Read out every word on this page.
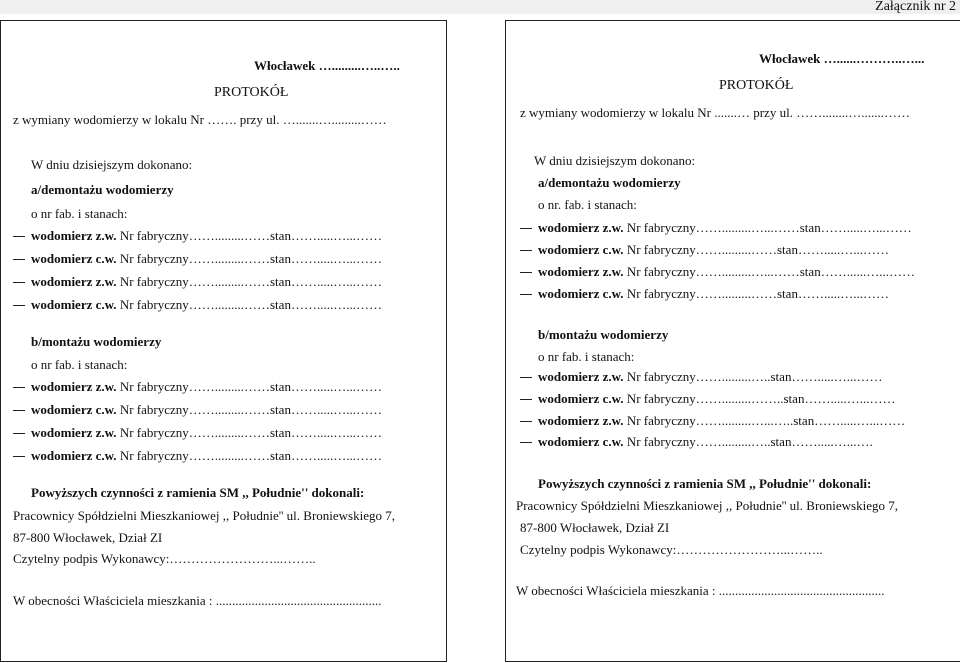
Załącznik nr 2
Włocławek ….........…..…..
PROTOKÓŁ
z wymiany wodomierzy w lokalu Nr ……. przy ul. ….......….........……
W dniu dzisiejszym dokonano:
a/demontażu wodomierzy
o nr fab. i stanach:
wodomierz z.w. Nr fabryczny…….........……stan…….....…...……
wodomierz c.w. Nr fabryczny…….........……stan…….....…...……
wodomierz z.w. Nr fabryczny…….........……stan…….....…...……
wodomierz c.w. Nr fabryczny…….........……stan…….....…...……
b/montażu wodomierzy
o nr fab. i stanach:
wodomierz z.w. Nr fabryczny…….........……stan…….....…...……
wodomierz c.w. Nr fabryczny…….........……stan…….....…...……
wodomierz z.w. Nr fabryczny…….........……stan…….....…...……
wodomierz c.w. Nr fabryczny…….........……stan…….....…...……
Powyższych czynności z ramienia SM ,, Południe'' dokonali:
Pracownicy Spółdzielni Mieszkaniowej ,, Południe'' ul. Broniewskiego 7,
87-800 Włocławek, Dział ZI
Czytelny podpis Wykonawcy:……………………...……..
W obecności Właściciela mieszkania : ...................................................
Włocławek …......………..…...
PROTOKÓŁ
z wymiany wodomierzy w lokalu Nr .......… przy ul. ……........….......……
W dniu dzisiejszym dokonano:
a/demontażu wodomierzy
o nr. fab. i stanach:
wodomierz z.w. Nr fabryczny…….........…...……stan…….....…...……
wodomierz c.w. Nr fabryczny…….........……stan…….....…...……
wodomierz z.w. Nr fabryczny…….........…...……stan……......…...……
wodomierz c.w. Nr fabryczny…….........……stan…….....…...……
b/montażu wodomierzy
o nr fab. i stanach:
wodomierz z.w. Nr fabryczny…….........…..stan…….....…...……
wodomierz c.w. Nr fabryczny…….........……..stan…….....…...……
wodomierz z.w. Nr fabryczny…….........…...…..stan…….....…...……
wodomierz c.w. Nr fabryczny…….........…..stan…….....…...….
Powyższych czynności z ramienia SM ,, Południe'' dokonali:
Pracownicy Spółdzielni Mieszkaniowej ,, Południe'' ul. Broniewskiego 7,
87-800 Włocławek, Dział ZI
Czytelny podpis Wykonawcy:……………………...……..
W obecności Właściciela mieszkania : ...................................................
